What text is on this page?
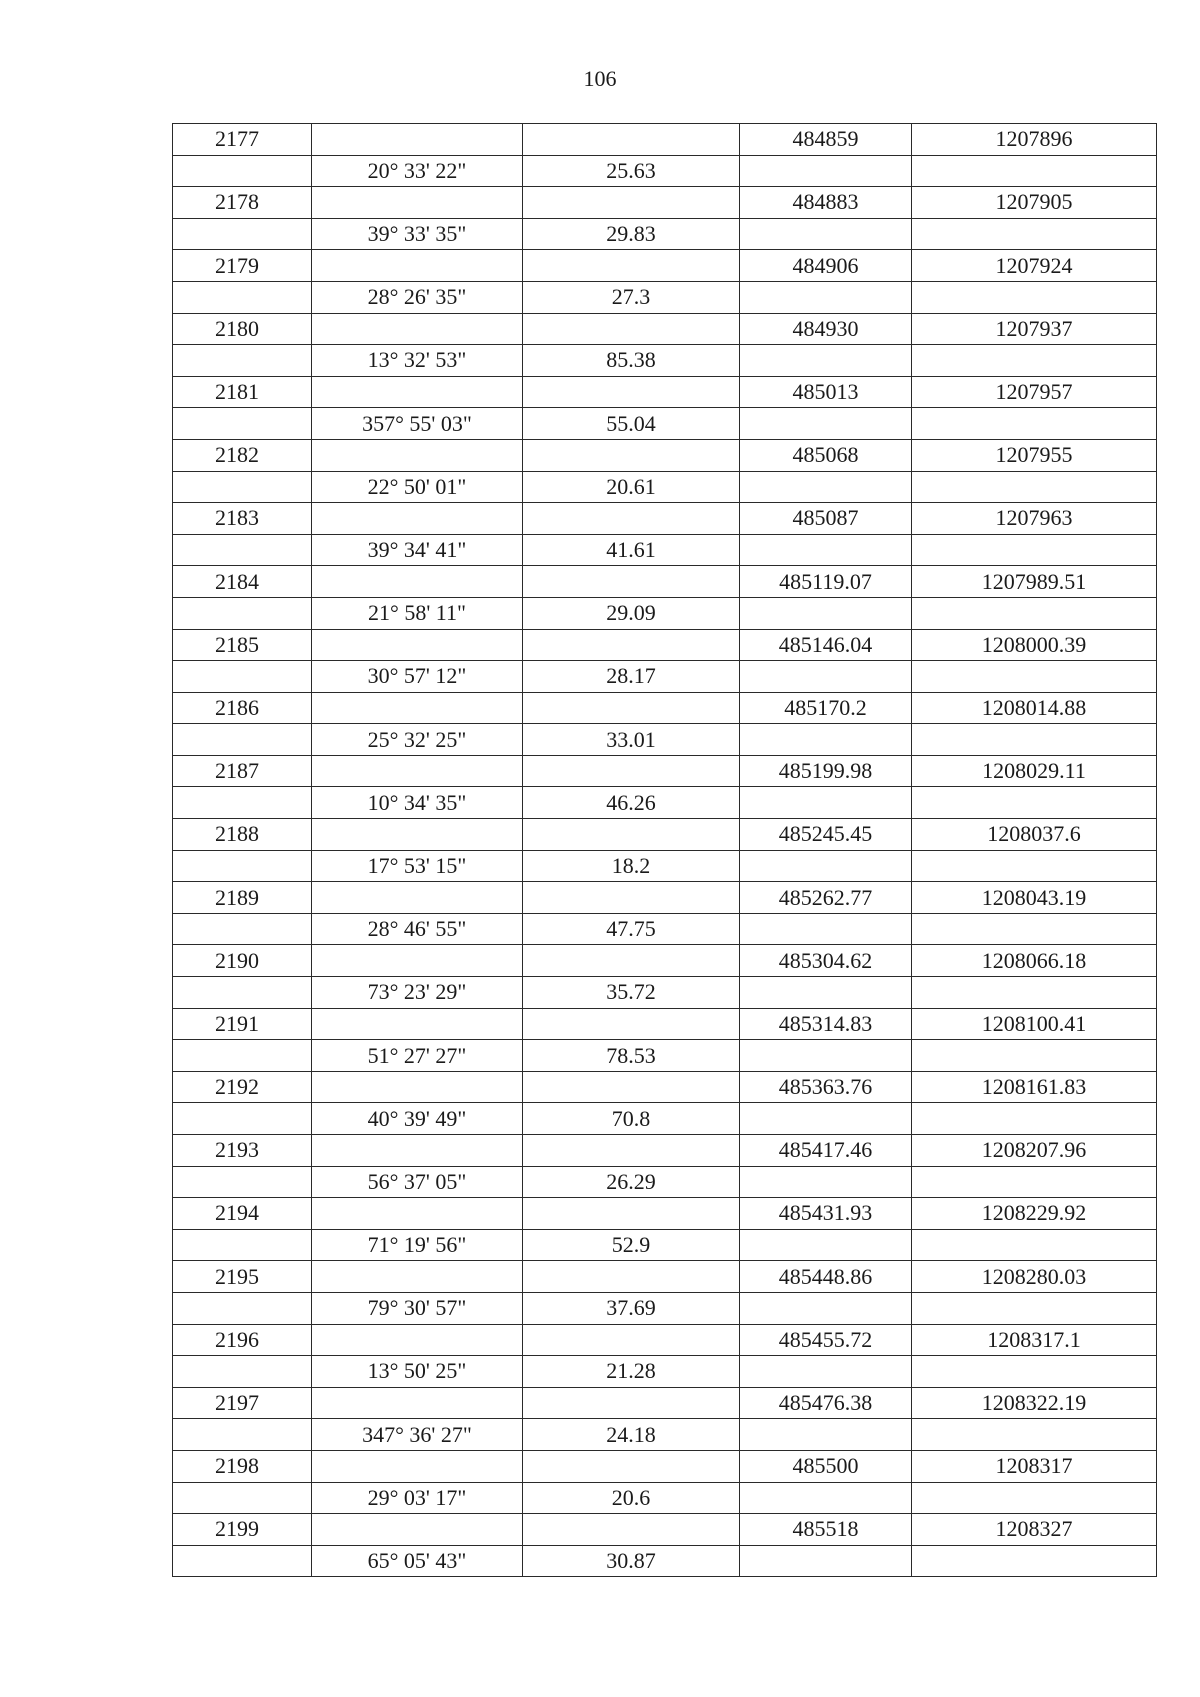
106
2177			484859	1207896
	20° 33' 22"	25.63		
2178			484883	1207905
	39° 33' 35"	29.83		
2179			484906	1207924
	28° 26' 35"	27.3		
2180			484930	1207937
	13° 32' 53"	85.38		
2181			485013	1207957
	357° 55' 03"	55.04		
2182			485068	1207955
	22° 50' 01"	20.61		
2183			485087	1207963
	39° 34' 41"	41.61		
2184			485119.07	1207989.51
	21° 58' 11"	29.09		
2185			485146.04	1208000.39
	30° 57' 12"	28.17		
2186			485170.2	1208014.88
	25° 32' 25"	33.01		
2187			485199.98	1208029.11
	10° 34' 35"	46.26		
2188			485245.45	1208037.6
	17° 53' 15"	18.2		
2189			485262.77	1208043.19
	28° 46' 55"	47.75		
2190			485304.62	1208066.18
	73° 23' 29"	35.72		
2191			485314.83	1208100.41
	51° 27' 27"	78.53		
2192			485363.76	1208161.83
	40° 39' 49"	70.8		
2193			485417.46	1208207.96
	56° 37' 05"	26.29		
2194			485431.93	1208229.92
	71° 19' 56"	52.9		
2195			485448.86	1208280.03
	79° 30' 57"	37.69		
2196			485455.72	1208317.1
	13° 50' 25"	21.28		
2197			485476.38	1208322.19
	347° 36' 27"	24.18		
2198			485500	1208317
	29° 03' 17"	20.6		
2199			485518	1208327
	65° 05' 43"	30.87		
